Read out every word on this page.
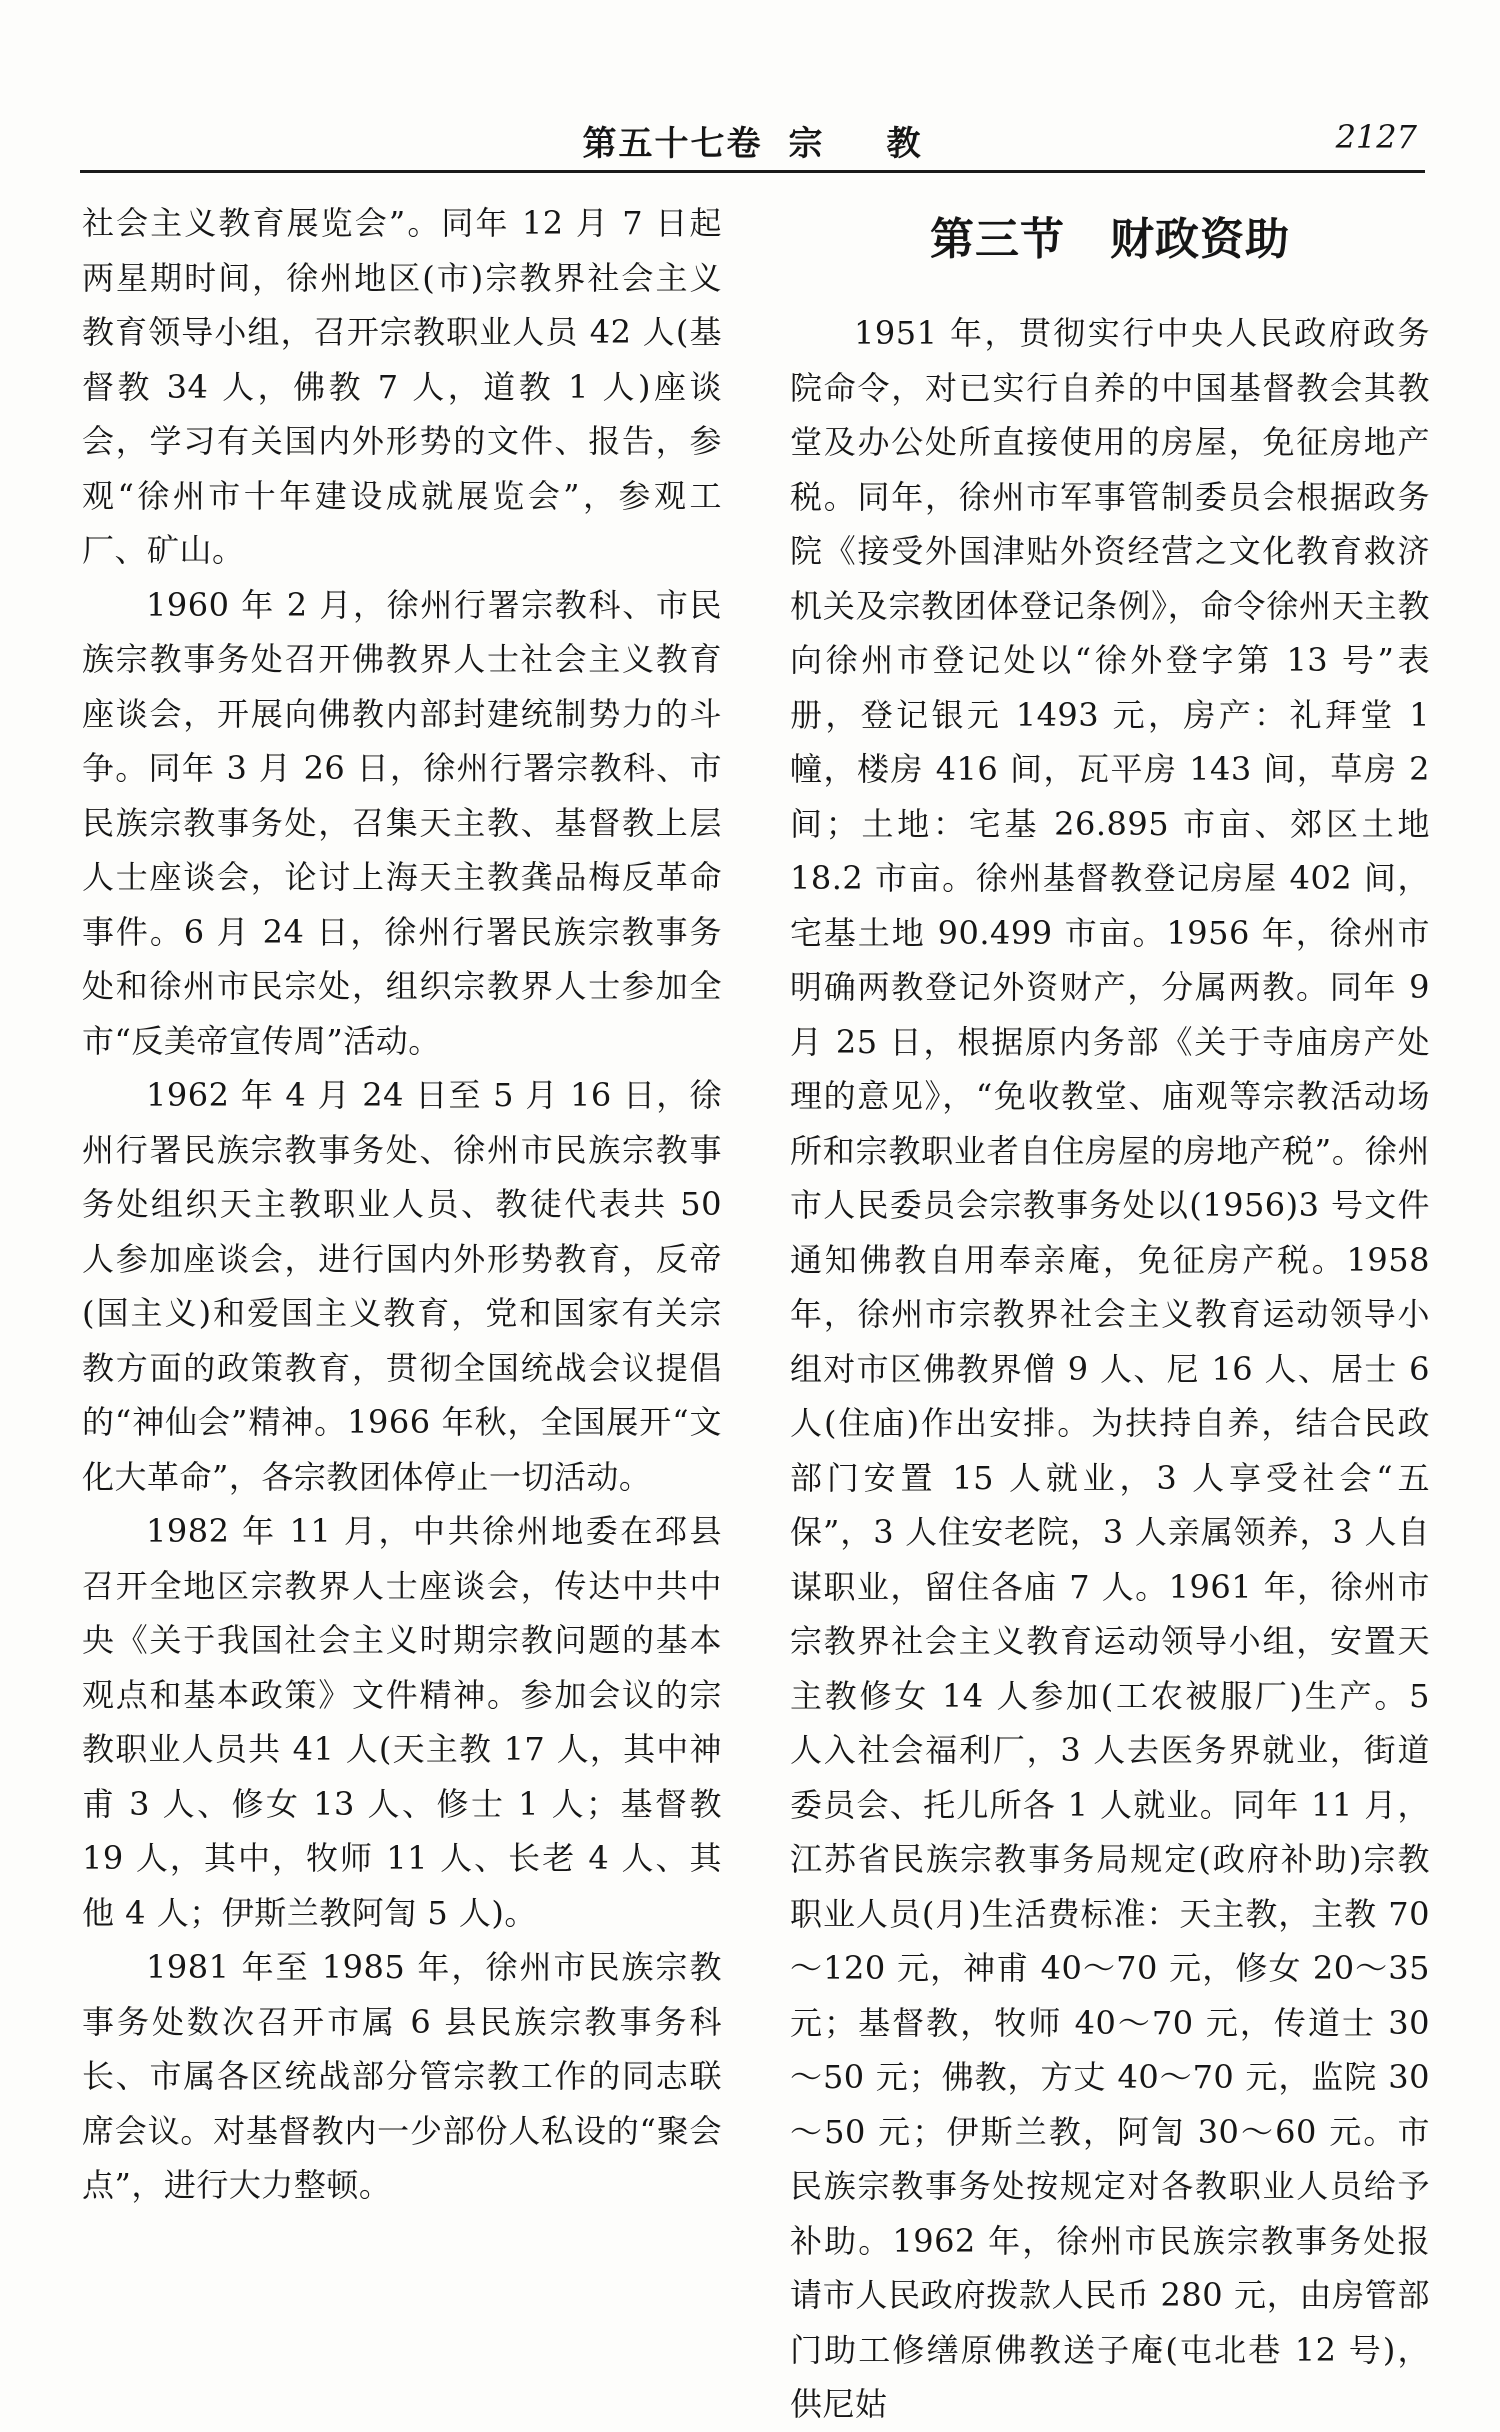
第五十七卷 宗 教	2127

社会主义教育展览会”。同年 12 月 7 日起两星期时间，徐州地区(市)宗教界社会主义教育领导小组，召开宗教职业人员 42 人(基督教 34 人，佛教 7 人，道教 1 人)座谈会，学习有关国内外形势的文件、报告，参观“徐州市十年建设成就展览会”，参观工厂、矿山。

1960 年 2 月，徐州行署宗教科、市民族宗教事务处召开佛教界人士社会主义教育座谈会，开展向佛教内部封建统制势力的斗争。同年 3 月 26 日，徐州行署宗教科、市民族宗教事务处，召集天主教、基督教上层人士座谈会，论讨上海天主教龚品梅反革命事件。6 月 24 日，徐州行署民族宗教事务处和徐州市民宗处，组织宗教界人士参加全市“反美帝宣传周”活动。

1962 年 4 月 24 日至 5 月 16 日，徐州行署民族宗教事务处、徐州市民族宗教事务处组织天主教职业人员、教徒代表共 50 人参加座谈会，进行国内外形势教育，反帝(国主义)和爱国主义教育，党和国家有关宗教方面的政策教育，贯彻全国统战会议提倡的“神仙会”精神。1966 年秋，全国展开“文化大革命”，各宗教团体停止一切活动。

1982 年 11 月，中共徐州地委在邳县召开全地区宗教界人士座谈会，传达中共中央《关于我国社会主义时期宗教问题的基本观点和基本政策》文件精神。参加会议的宗教职业人员共 41 人(天主教 17 人，其中神甫 3 人、修女 13 人、修士 1 人；基督教 19 人，其中，牧师 11 人、长老 4 人、其他 4 人；伊斯兰教阿訇 5 人)。

1981 年至 1985 年，徐州市民族宗教事务处数次召开市属 6 县民族宗教事务科长、市属各区统战部分管宗教工作的同志联席会议。对基督教内一少部份人私设的“聚会点”，进行大力整顿。

第三节　财政资助

1951 年，贯彻实行中央人民政府政务院命令，对已实行自养的中国基督教会其教堂及办公处所直接使用的房屋，免征房地产税。同年，徐州市军事管制委员会根据政务院《接受外国津贴外资经营之文化教育救济机关及宗教团体登记条例》，命令徐州天主教向徐州市登记处以“徐外登字第 13 号”表册，登记银元 1493 元，房产：礼拜堂 1 幢，楼房 416 间，瓦平房 143 间，草房 2 间；土地：宅基 26.895 市亩、郊区土地 18.2 市亩。徐州基督教登记房屋 402 间，宅基土地 90.499 市亩。1956 年，徐州市明确两教登记外资财产，分属两教。同年 9 月 25 日，根据原内务部《关于寺庙房产处理的意见》，“免收教堂、庙观等宗教活动场所和宗教职业者自住房屋的房地产税”。徐州市人民委员会宗教事务处以(1956)3 号文件通知佛教自用奉亲庵，免征房产税。1958 年，徐州市宗教界社会主义教育运动领导小组对市区佛教界僧 9 人、尼 16 人、居士 6 人(住庙)作出安排。为扶持自养，结合民政部门安置 15 人就业，3 人享受社会“五保”，3 人住安老院，3 人亲属领养，3 人自谋职业，留住各庙 7 人。1961 年，徐州市宗教界社会主义教育运动领导小组，安置天主教修女 14 人参加(工农被服厂)生产。5 人入社会福利厂，3 人去医务界就业，街道委员会、托儿所各 1 人就业。同年 11 月，江苏省民族宗教事务局规定(政府补助)宗教职业人员(月)生活费标准：天主教，主教 70～120 元，神甫 40～70 元，修女 20～35 元；基督教，牧师 40～70 元，传道士 30～50 元；佛教，方丈 40～70 元，监院 30～50 元；伊斯兰教，阿訇 30～60 元。市民族宗教事务处按规定对各教职业人员给予补助。1962 年，徐州市民族宗教事务处报请市人民政府拨款人民币 280 元，由房管部门助工修缮原佛教送子庵(屯北巷 12 号)，供尼姑
